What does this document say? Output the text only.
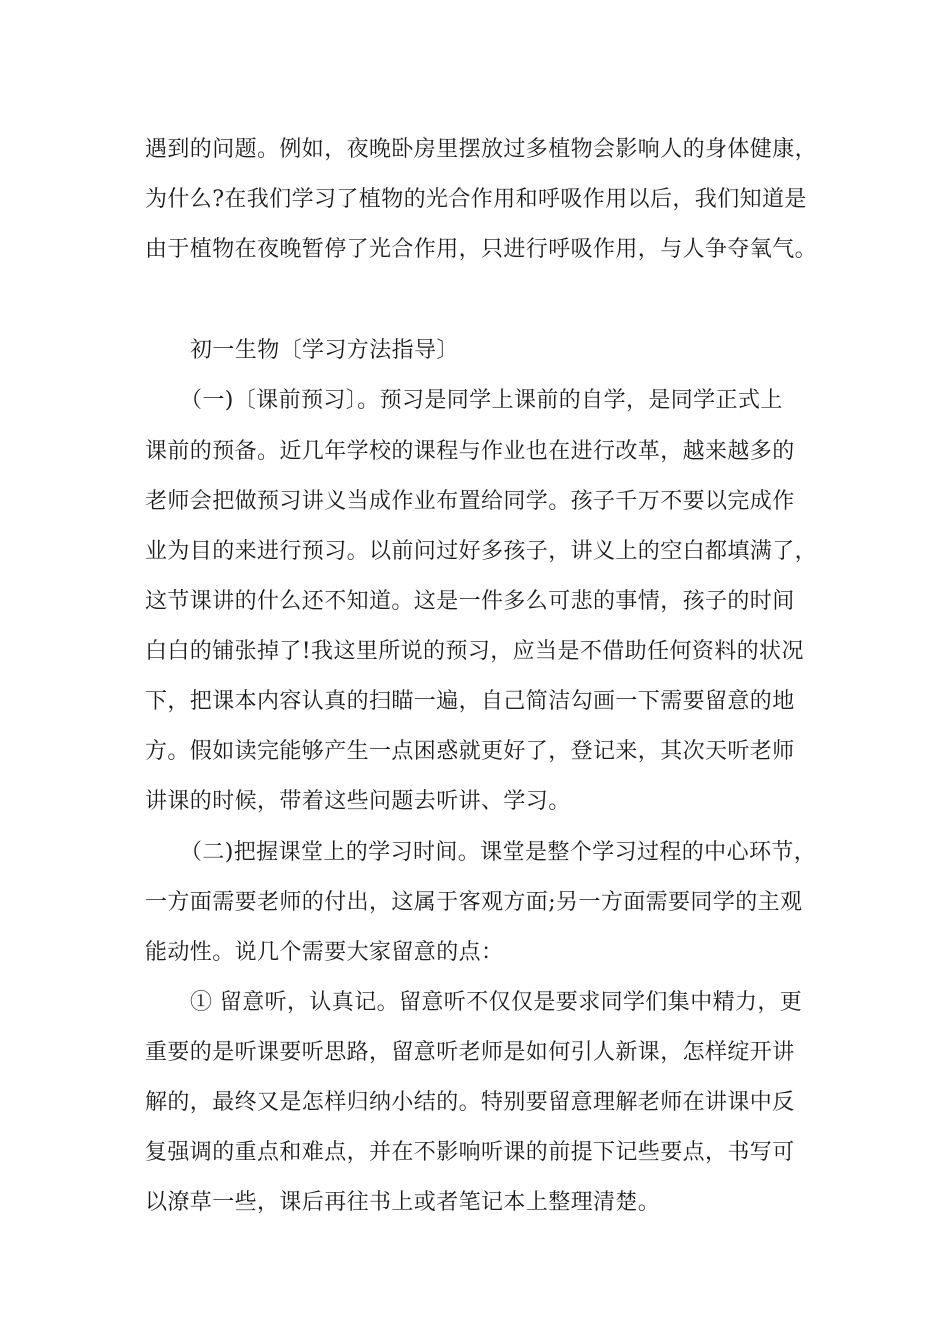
遇到的问题。例如，夜晚卧房里摆放过多植物会影响人的身体健康，
为什么?在我们学习了植物的光合作用和呼吸作用以后，我们知道是
由于植物在夜晚暂停了光合作用，只进行呼吸作用，与人争夺氧气。
初一生物〔学习方法指导〕
（一)〔课前预习〕。预习是同学上课前的自学，是同学正式上
课前的预备。近几年学校的课程与作业也在进行改革，越来越多的
老师会把做预习讲义当成作业布置给同学。孩子千万不要以完成作
业为目的来进行预习。以前问过好多孩子，讲义上的空白都填满了，
这节课讲的什么还不知道。这是一件多么可悲的事情，孩子的时间
白白的铺张掉了!我这里所说的预习，应当是不借助任何资料的状况
下，把课本内容认真的扫瞄一遍，自己简洁勾画一下需要留意的地
方。假如读完能够产生一点困惑就更好了，登记来，其次天听老师
讲课的时候，带着这些问题去听讲、学习。
（二)把握课堂上的学习时间。课堂是整个学习过程的中心环节，
一方面需要老师的付出，这属于客观方面;另一方面需要同学的主观
能动性。说几个需要大家留意的点：
① 留意听，认真记。留意听不仅仅是要求同学们集中精力，更
重要的是听课要听思路，留意听老师是如何引人新课，怎样绽开讲
解的，最终又是怎样归纳小结的。特别要留意理解老师在讲课中反
复强调的重点和难点，并在不影响听课的前提下记些要点，书写可
以潦草一些，课后再往书上或者笔记本上整理清楚。
